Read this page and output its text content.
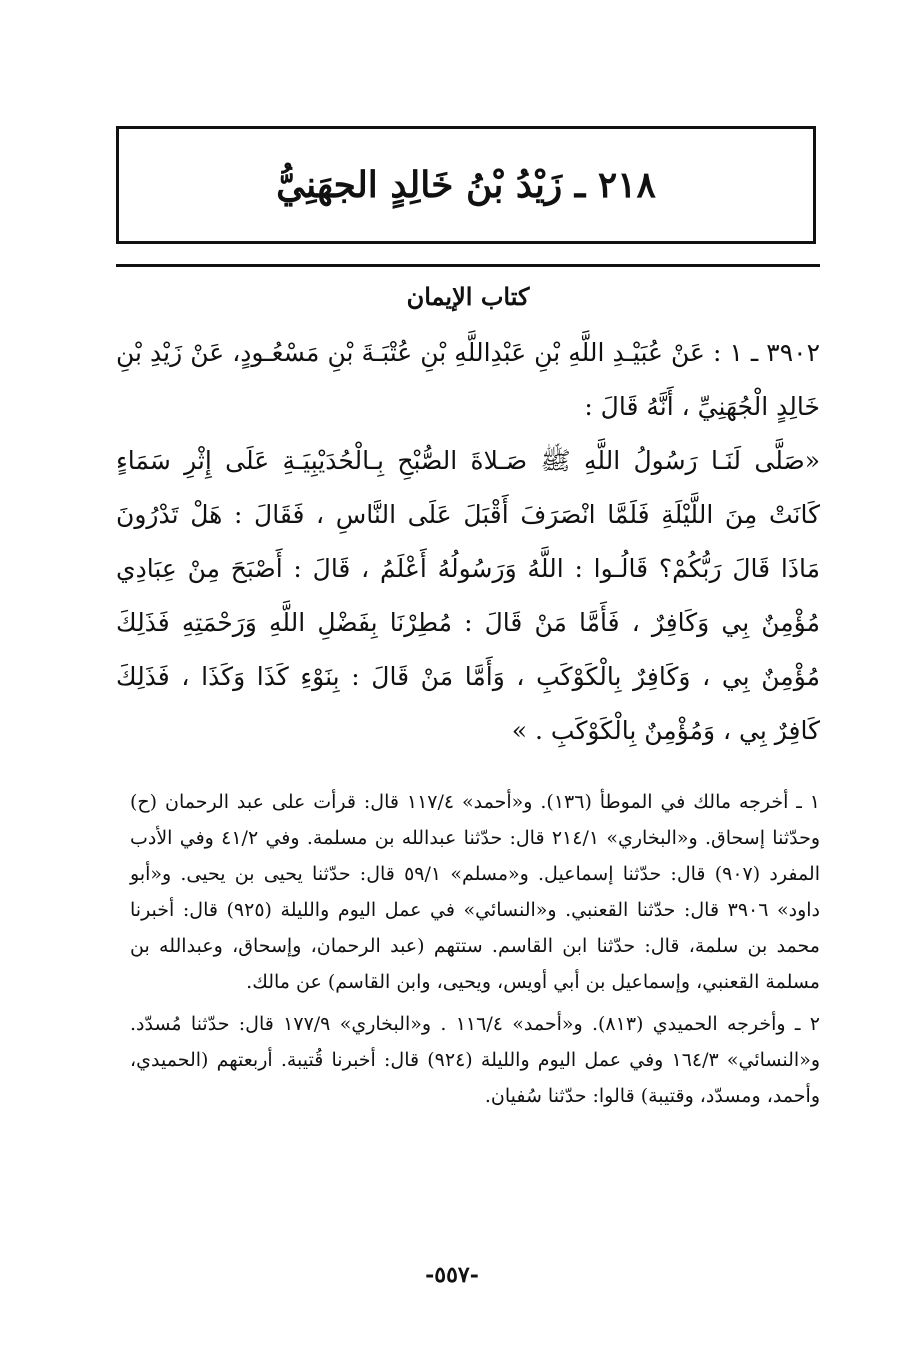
٢١٨ ـ زَيْدُ بْنُ خَالِدٍ الجهَنِيُّ
كتاب الإيمان

٣٩٠٢ ـ ١ : عَنْ عُبَيْـدِ اللَّهِ بْنِ عَبْدِاللَّهِ بْنِ عُتْبَـةَ بْنِ مَسْعُـودٍ، عَنْ زَيْدِ بْنِ خَالِدٍ الْجُهَنِيِّ ، أَنَّهُ قَالَ :

«صَلَّى لَنَـا رَسُولُ اللَّهِ ﷺ صَـلاةَ الصُّبْحِ بِـالْحُدَيْبِيَـةِ عَلَى إِثْرِ سَمَاءٍ كَانَتْ مِنَ اللَّيْلَةِ فَلَمَّا انْصَرَفَ أَقْبَلَ عَلَى النَّاسِ ، فَقَالَ : هَلْ تَدْرُونَ مَاذَا قَالَ رَبُّكُمْ؟ قَالُـوا : اللَّهُ وَرَسُولُهُ أَعْلَمُ ، قَالَ : أَصْبَحَ مِنْ عِبَادِي مُؤْمِنٌ بِي وَكَافِرٌ ، فَأَمَّا مَنْ قَالَ : مُطِرْنَا بِفَضْلِ اللَّهِ وَرَحْمَتِهِ فَذَلِكَ مُؤْمِنٌ بِي ، وَكَافِرٌ بِالْكَوْكَبِ ، وَأَمَّا مَنْ قَالَ : بِنَوْءِ كَذَا وَكَذَا ، فَذَلِكَ كَافِرٌ بِي ، وَمُؤْمِنٌ بِالْكَوْكَبِ . »

١ ـ أخرجه مالك في الموطأ (١٣٦). و«أحمد» ١١٧/٤ قال: قرأت على عبد الرحمان (ح) وحدّثنا إسحاق. و«البخاري» ٢١٤/١ قال: حدّثنا عبدالله بن مسلمة. وفي ٤١/٢ وفي الأدب المفرد (٩٠٧) قال: حدّثنا إسماعيل. و«مسلم» ٥٩/١ قال: حدّثنا يحيى بن يحيى. و«أبو داود» ٣٩٠٦ قال: حدّثنا القعنبي. و«النسائي» في عمل اليوم والليلة (٩٢٥) قال: أخبرنا محمد بن سلمة، قال: حدّثنا ابن القاسم. ستتهم (عبد الرحمان، وإسحاق، وعبدالله بن مسلمة القعنبي، وإسماعيل بن أبي أويس، ويحيى، وابن القاسم) عن مالك.

٢ ـ وأخرجه الحميدي (٨١٣). و«أحمد» ١١٦/٤ . و«البخاري» ١٧٧/٩ قال: حدّثنا مُسدّد. و«النسائي» ١٦٤/٣ وفي عمل اليوم والليلة (٩٢٤) قال: أخبرنا قُتيبة. أربعتهم (الحميدي، وأحمد، ومسدّد، وقتيبة) قالوا: حدّثنا سُفيان.

-٥٥٧-
